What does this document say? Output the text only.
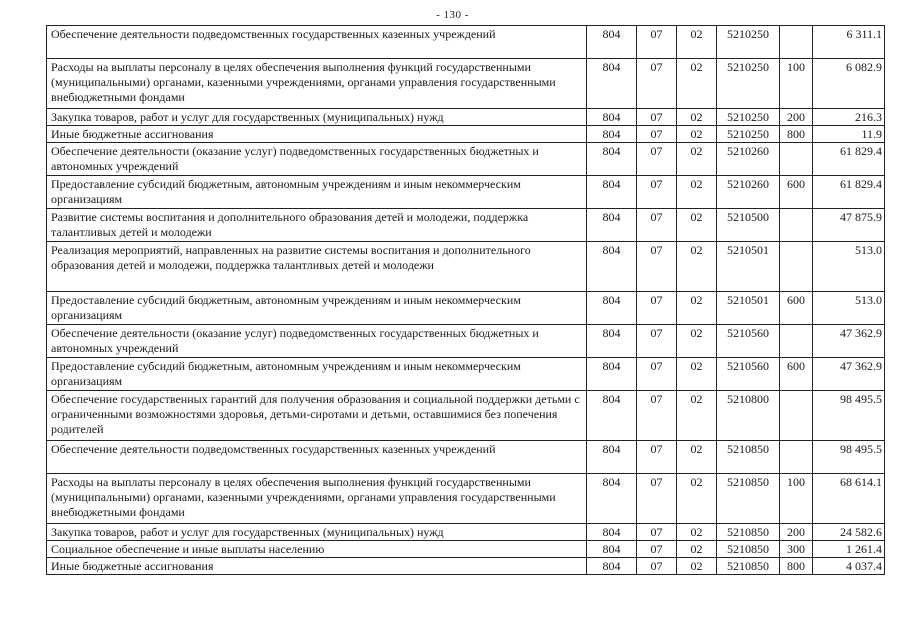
- 130 -
Обеспечение деятельности подведомственных государственных казенных учреждений	804	07	02	5210250		6 311.1
Расходы на выплаты персоналу в целях обеспечения выполнения функций государственными (муниципальными) органами, казенными учреждениями, органами управления государственными внебюджетными фондами	804	07	02	5210250	100	6 082.9
Закупка товаров, работ и услуг для государственных (муниципальных) нужд	804	07	02	5210250	200	216.3
Иные бюджетные ассигнования	804	07	02	5210250	800	11.9
Обеспечение деятельности (оказание услуг) подведомственных государственных бюджетных и автономных учреждений	804	07	02	5210260		61 829.4
Предоставление субсидий бюджетным, автономным учреждениям и иным некоммерческим организациям	804	07	02	5210260	600	61 829.4
Развитие системы воспитания и дополнительного образования детей и молодежи, поддержка талантливых детей и молодежи	804	07	02	5210500		47 875.9
Реализация мероприятий, направленных на развитие системы воспитания и дополнительного образования детей и молодежи, поддержка талантливых детей и молодежи	804	07	02	5210501		513.0
Предоставление субсидий бюджетным, автономным учреждениям и иным некоммерческим организациям	804	07	02	5210501	600	513.0
Обеспечение деятельности (оказание услуг) подведомственных государственных бюджетных и автономных учреждений	804	07	02	5210560		47 362.9
Предоставление субсидий бюджетным, автономным учреждениям и иным некоммерческим организациям	804	07	02	5210560	600	47 362.9
Обеспечение государственных гарантий для получения образования и социальной поддержки детьми с ограниченными возможностями здоровья, детьми-сиротами и детьми, оставшимися без попечения родителей	804	07	02	5210800		98 495.5
Обеспечение деятельности подведомственных государственных казенных учреждений	804	07	02	5210850		98 495.5
Расходы на выплаты персоналу в целях обеспечения выполнения функций государственными (муниципальными) органами, казенными учреждениями, органами управления государственными внебюджетными фондами	804	07	02	5210850	100	68 614.1
Закупка товаров, работ и услуг для государственных (муниципальных) нужд	804	07	02	5210850	200	24 582.6
Социальное обеспечение и иные выплаты населению	804	07	02	5210850	300	1 261.4
Иные бюджетные ассигнования	804	07	02	5210850	800	4 037.4
